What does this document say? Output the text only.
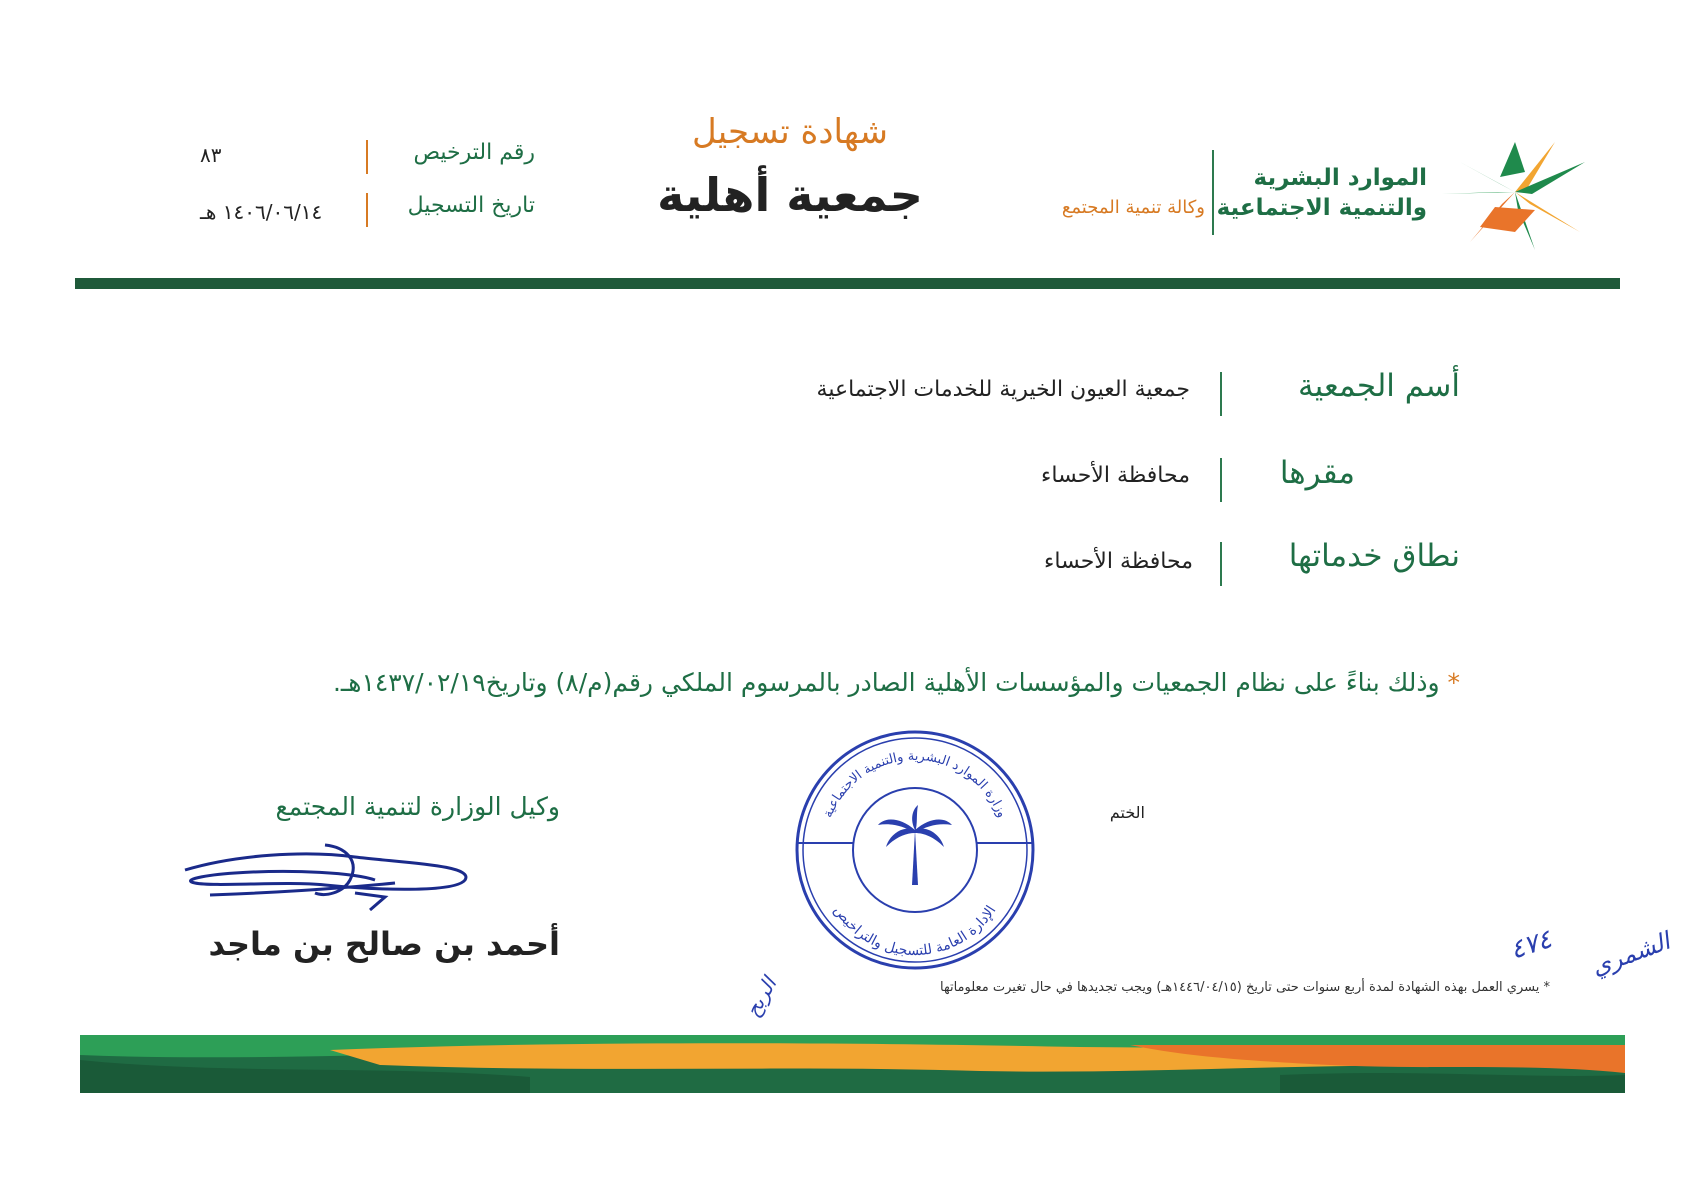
الموارد البشرية
والتنمية الاجتماعية
وكالة تنمية المجتمع
شهادة تسجيل
جمعية أهلية
رقم الترخيص
٨٣
تاريخ التسجيل
١٤٠٦/٠٦/١٤ هـ
أسم الجمعية
جمعية العيون الخيرية للخدمات الاجتماعية
مقرها
محافظة الأحساء
نطاق خدماتها
محافظة الأحساء
* وذلك بناءً على نظام الجمعيات والمؤسسات الأهلية الصادر بالمرسوم الملكي رقم(م/٨) وتاريخ١٤٣٧/٠٢/١٩هـ.
وكيل الوزارة لتنمية المجتمع
أحمد بن صالح بن ماجد
الختم
وزارة الموارد البشرية والتنمية الاجتماعية
الإدارة العامة للتسجيل والتراخيص
٤٧٤ الشمري
الربح	* يسري العمل بهذه الشهادة لمدة أربع سنوات حتى تاريخ (١٤٤٦/٠٤/١٥هـ) ويجب تجديدها في حال تغيرت معلوماتها
